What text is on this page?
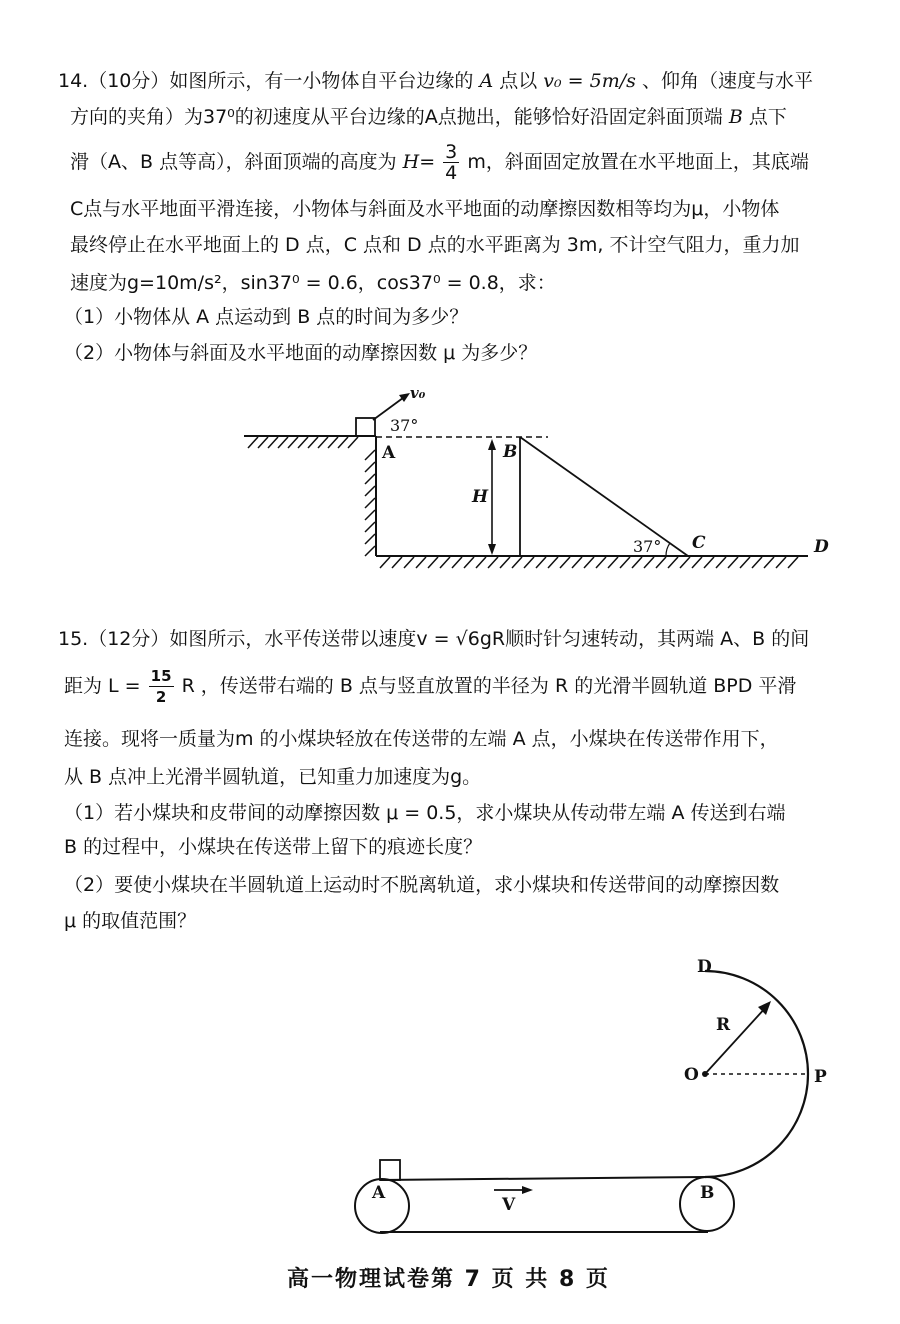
14.（10分）如图所示，有一小物体自平台边缘的 A 点以 v₀ = 5m/s 、仰角（速度与水平
方向的夹角）为37⁰的初速度从平台边缘的A点抛出，能够恰好沿固定斜面顶端 B 点下
滑（A、B 点等高），斜面顶端的高度为 $H= \frac{3}{4}$ m，斜面固定放置在水平地面上，其底端
C点与水平地面平滑连接，小物体与斜面及水平地面的动摩擦因数相等均为μ，小物体
最终停止在水平地面上的 D 点，C 点和 D 点的水平距离为 3m, 不计空气阻力，重力加
速度为g=10m/s²，sin37⁰ = 0.6，cos37⁰ = 0.8，求：
（1）小物体从 A 点运动到 B 点的时间为多少？
（2）小物体与斜面及水平地面的动摩擦因数 μ 为多少？
v₀
37°
A	B
H
37° C	D
15.（12分）如图所示，水平传送带以速度v = √6gR顺时针匀速转动，其两端 A、B 的间
距为 $L = \frac{15}{2}$ R ，传送带右端的 B 点与竖直放置的半径为 R 的光滑半圆轨道 BPD 平滑
连接。现将一质量为m 的小煤块轻放在传送带的左端 A 点，小煤块在传送带作用下，
从 B 点冲上光滑半圆轨道，已知重力加速度为g。
（1）若小煤块和皮带间的动摩擦因数 μ = 0.5，求小煤块从传动带左端 A 传送到右端
B 的过程中，小煤块在传送带上留下的痕迹长度？
（2）要使小煤块在半圆轨道上运动时不脱离轨道，求小煤块和传送带间的动摩擦因数
μ 的取值范围？
D
R
O	P
A
V
B
高一物理试卷第 7 页 共 8 页
